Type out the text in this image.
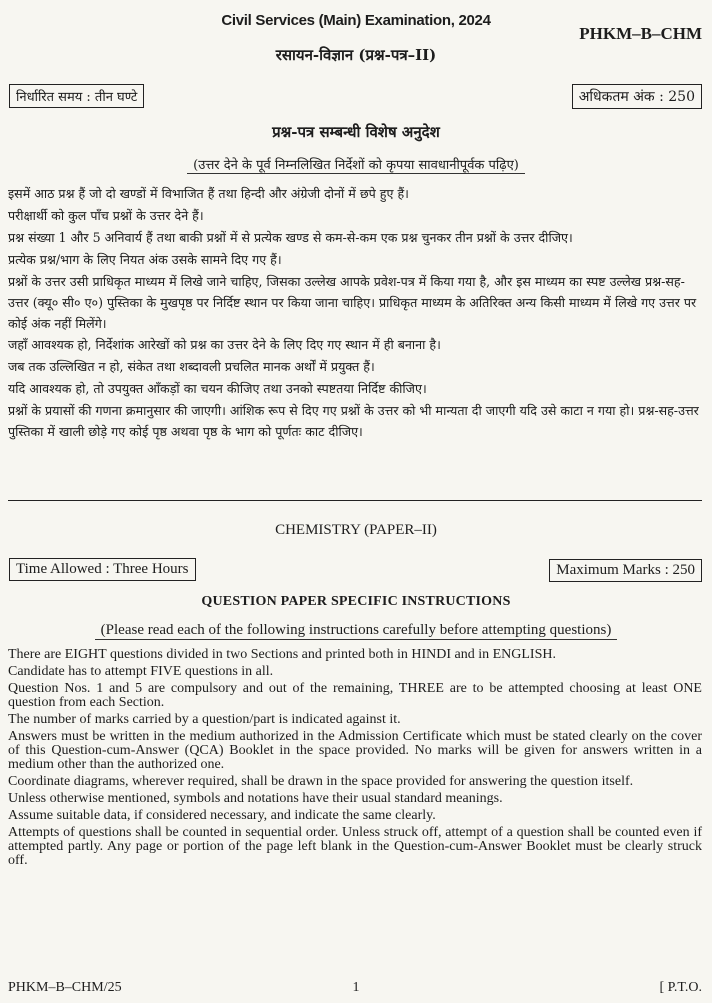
Civil Services (Main) Examination, 2024
PHKM–B–CHM
रसायन-विज्ञान (प्रश्न-पत्र–II)
निर्धारित समय : तीन घण्टे	अधिकतम अंक : 250
प्रश्न-पत्र सम्बन्धी विशेष अनुदेश
(उत्तर देने के पूर्व निम्नलिखित निर्देशों को कृपया सावधानीपूर्वक पढ़िए)

इसमें आठ प्रश्न हैं जो दो खण्डों में विभाजित हैं तथा हिन्दी और अंग्रेजी दोनों में छपे हुए हैं।

परीक्षार्थी को कुल पाँच प्रश्नों के उत्तर देने हैं।

प्रश्न संख्या 1 और 5 अनिवार्य हैं तथा बाकी प्रश्नों में से प्रत्येक खण्ड से कम-से-कम एक प्रश्न चुनकर तीन प्रश्नों के उत्तर दीजिए।

प्रत्येक प्रश्न/भाग के लिए नियत अंक उसके सामने दिए गए हैं।

प्रश्नों के उत्तर उसी प्राधिकृत माध्यम में लिखे जाने चाहिए, जिसका उल्लेख आपके प्रवेश-पत्र में किया गया है, और इस माध्यम का स्पष्ट उल्लेख प्रश्न-सह-उत्तर (क्यू० सी० ए०) पुस्तिका के मुखपृष्ठ पर निर्दिष्ट स्थान पर किया जाना चाहिए। प्राधिकृत माध्यम के अतिरिक्त अन्य किसी माध्यम में लिखे गए उत्तर पर कोई अंक नहीं मिलेंगे।

जहाँ आवश्यक हो, निर्देशांक आरेखों को प्रश्न का उत्तर देने के लिए दिए गए स्थान में ही बनाना है।

जब तक उल्लिखित न हो, संकेत तथा शब्दावली प्रचलित मानक अर्थों में प्रयुक्त हैं।

यदि आवश्यक हो, तो उपयुक्त आँकड़ों का चयन कीजिए तथा उनको स्पष्टतया निर्दिष्ट कीजिए।

प्रश्नों के प्रयासों की गणना क्रमानुसार की जाएगी। आंशिक रूप से दिए गए प्रश्नों के उत्तर को भी मान्यता दी जाएगी यदि उसे काटा न गया हो। प्रश्न-सह-उत्तर पुस्तिका में खाली छोड़े गए कोई पृष्ठ अथवा पृष्ठ के भाग को पूर्णतः काट दीजिए।

CHEMISTRY (PAPER–II)
Time Allowed : Three Hours	Maximum Marks : 250
QUESTION PAPER SPECIFIC INSTRUCTIONS
(Please read each of the following instructions carefully before attempting questions)

There are EIGHT questions divided in two Sections and printed both in HINDI and in ENGLISH.

Candidate has to attempt FIVE questions in all.

Question Nos. 1 and 5 are compulsory and out of the remaining, THREE are to be attempted choosing at least ONE question from each Section.

The number of marks carried by a question/part is indicated against it.

Answers must be written in the medium authorized in the Admission Certificate which must be stated clearly on the cover of this Question-cum-Answer (QCA) Booklet in the space provided. No marks will be given for answers written in a medium other than the authorized one.

Coordinate diagrams, wherever required, shall be drawn in the space provided for answering the question itself.

Unless otherwise mentioned, symbols and notations have their usual standard meanings.

Assume suitable data, if considered necessary, and indicate the same clearly.

Attempts of questions shall be counted in sequential order. Unless struck off, attempt of a question shall be counted even if attempted partly. Any page or portion of the page left blank in the Question-cum-Answer Booklet must be clearly struck off.

PHKM–B–CHM/25	1	[ P.T.O.
